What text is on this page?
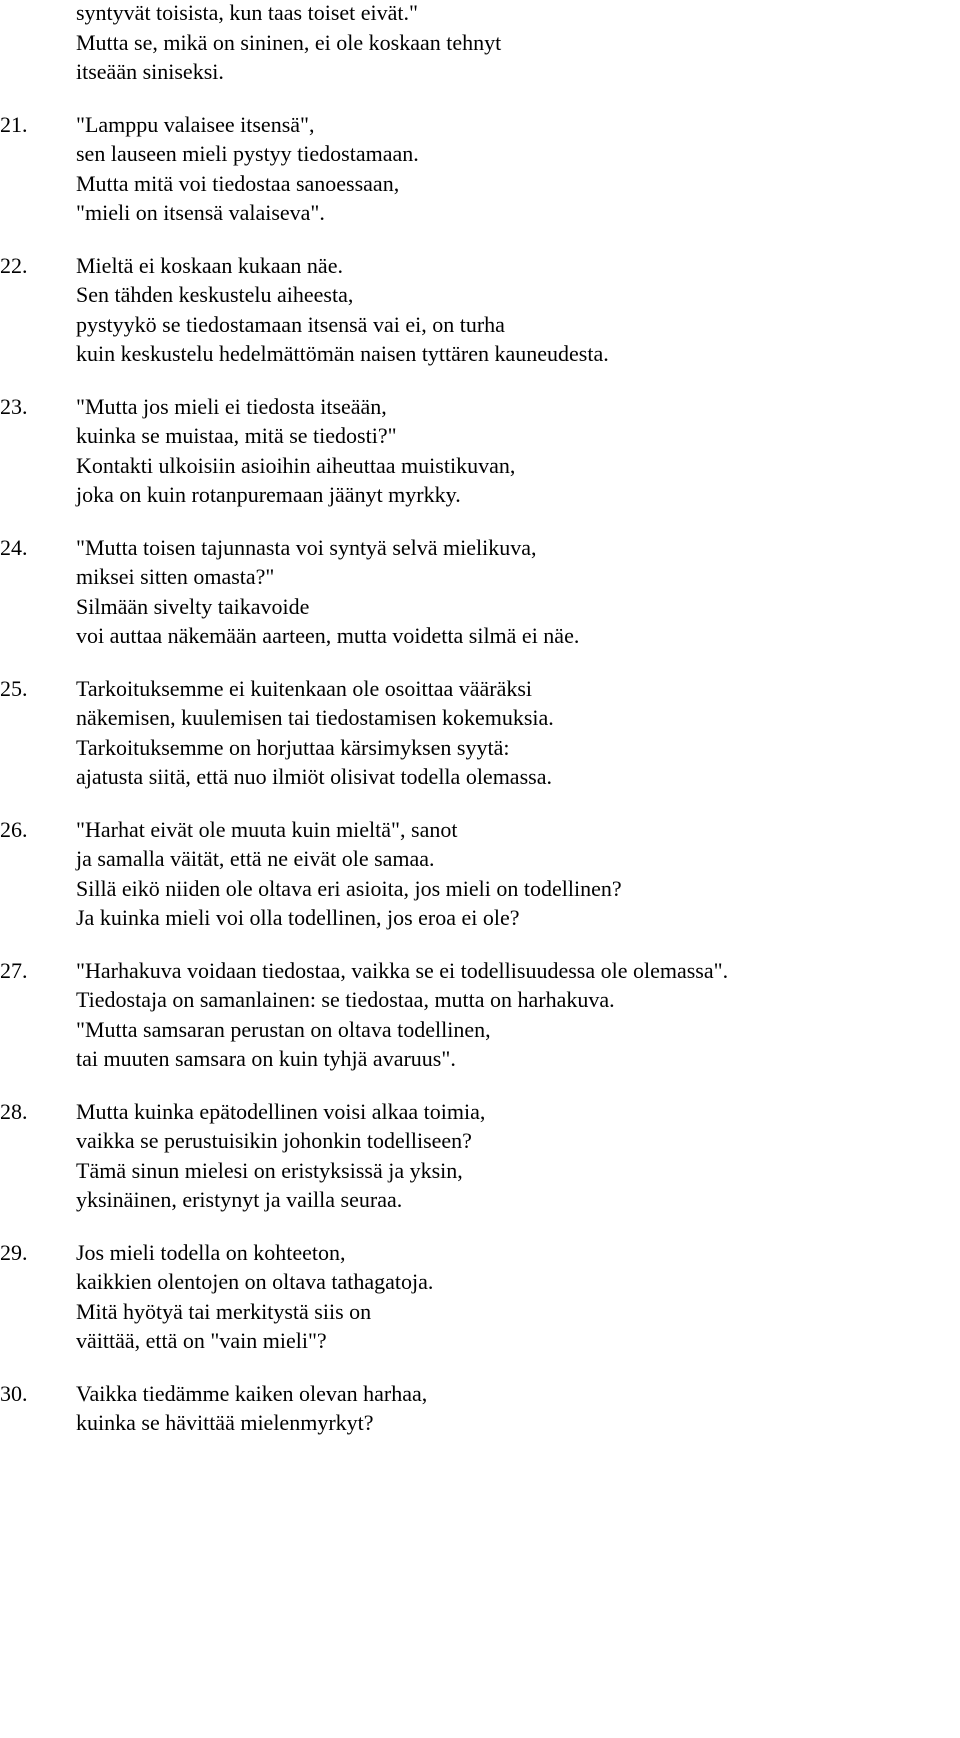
syntyvät toisista, kun taas toiset eivät."
Mutta se, mikä on sininen, ei ole koskaan tehnyt
itseään siniseksi.
21.	"Lamppu valaisee itsensä",
sen lauseen mieli pystyy tiedostamaan.
Mutta mitä voi tiedostaa sanoessaan,
"mieli on itsensä valaiseva".
22.	Mieltä ei koskaan kukaan näe.
Sen tähden keskustelu aiheesta,
pystyykö se tiedostamaan itsensä vai ei, on turha
kuin keskustelu hedelmättömän naisen tyttären kauneudesta.
23.	"Mutta jos mieli ei tiedosta itseään,
kuinka se muistaa, mitä se tiedosti?"
Kontakti ulkoisiin asioihin aiheuttaa muistikuvan,
joka on kuin rotanpuremaan jäänyt myrkky.
24.	"Mutta toisen tajunnasta voi syntyä selvä mielikuva,
miksei sitten omasta?"
Silmään sivelty taikavoide
voi auttaa näkemään aarteen, mutta voidetta silmä ei näe.
25.	Tarkoituksemme ei kuitenkaan ole osoittaa vääräksi
näkemisen, kuulemisen tai tiedostamisen kokemuksia.
Tarkoituksemme on horjuttaa kärsimyksen syytä:
ajatusta siitä, että nuo ilmiöt olisivat todella olemassa.
26.	"Harhat eivät ole muuta kuin mieltä", sanot
ja samalla väität, että ne eivät ole samaa.
Sillä eikö niiden ole oltava eri asioita, jos mieli on todellinen?
Ja kuinka mieli voi olla todellinen, jos eroa ei ole?
27.	"Harhakuva voidaan tiedostaa, vaikka se ei todellisuudessa ole olemassa".
Tiedostaja on samanlainen: se tiedostaa, mutta on harhakuva.
"Mutta samsaran perustan on oltava todellinen,
tai muuten samsara on kuin tyhjä avaruus".
28.	Mutta kuinka epätodellinen voisi alkaa toimia,
vaikka se perustuisikin johonkin todelliseen?
Tämä sinun mielesi on eristyksissä ja yksin,
yksinäinen, eristynyt ja vailla seuraa.
29.	Jos mieli todella on kohteeton,
kaikkien olentojen on oltava tathagatoja.
Mitä hyötyä tai merkitystä siis on
väittää, että on "vain mieli"?
30.	Vaikka tiedämme kaiken olevan harhaa,
kuinka se hävittää mielenmyrkyt?
